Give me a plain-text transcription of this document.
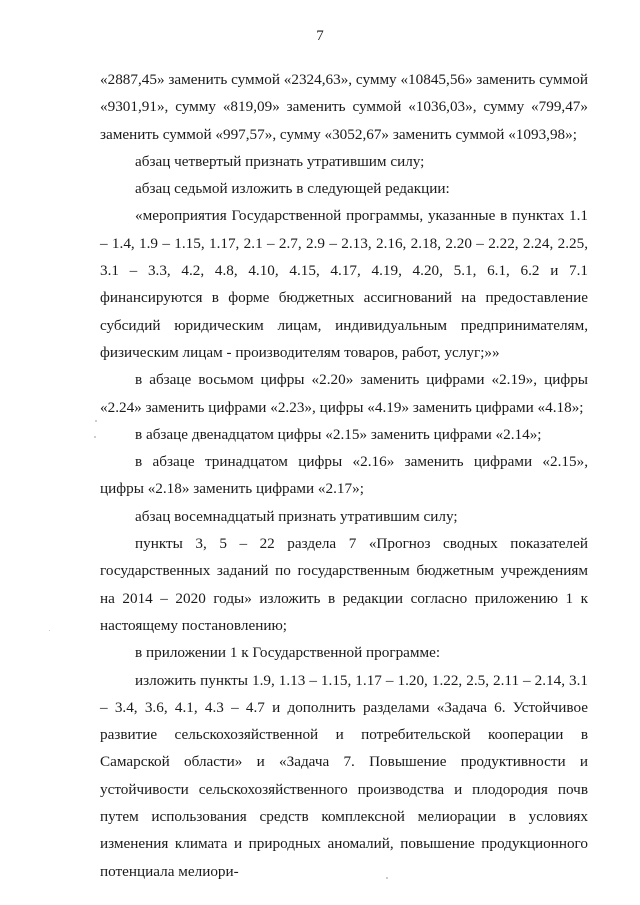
7

«2887,45» заменить суммой «2324,63», сумму «10845,56» заменить суммой «9301,91», сумму «819,09» заменить суммой «1036,03», сумму «799,47» заменить суммой «997,57», сумму «3052,67» заменить суммой «1093,98»;

абзац четвертый признать утратившим силу;

абзац седьмой изложить в следующей редакции:

«мероприятия Государственной программы, указанные в пунктах 1.1 – 1.4, 1.9 – 1.15, 1.17, 2.1 – 2.7, 2.9 – 2.13, 2.16, 2.18, 2.20 – 2.22, 2.24, 2.25, 3.1 – 3.3, 4.2, 4.8, 4.10, 4.15, 4.17, 4.19, 4.20, 5.1, 6.1, 6.2 и 7.1 финансируются в форме бюджетных ассигнований на предоставление субсидий юридическим лицам, индивидуальным предпринимателям, физическим лицам - производителям товаров, работ, услуг;»»

в абзаце восьмом цифры «2.20» заменить цифрами «2.19», цифры «2.24» заменить цифрами «2.23», цифры «4.19» заменить цифрами «4.18»;

в абзаце двенадцатом цифры «2.15» заменить цифрами «2.14»;

в абзаце тринадцатом цифры «2.16» заменить цифрами «2.15», цифры «2.18» заменить цифрами «2.17»;

абзац восемнадцатый признать утратившим силу;

пункты 3, 5 – 22 раздела 7 «Прогноз сводных показателей государственных заданий по государственным бюджетным учреждениям на 2014 – 2020 годы» изложить в редакции согласно приложению 1 к настоящему постановлению;

в приложении 1 к Государственной программе:

изложить пункты 1.9, 1.13 – 1.15, 1.17 – 1.20, 1.22, 2.5, 2.11 – 2.14, 3.1 – 3.4, 3.6, 4.1, 4.3 – 4.7 и дополнить разделами «Задача 6. Устойчивое развитие сельскохозяйственной и потребительской кооперации в Самарской области» и «Задача 7. Повышение продуктивности и устойчивости сельскохозяйственного производства и плодородия почв путем использования средств комплексной мелиорации в условиях изменения климата и природных аномалий, повышение продукционного потенциала мелиори-
